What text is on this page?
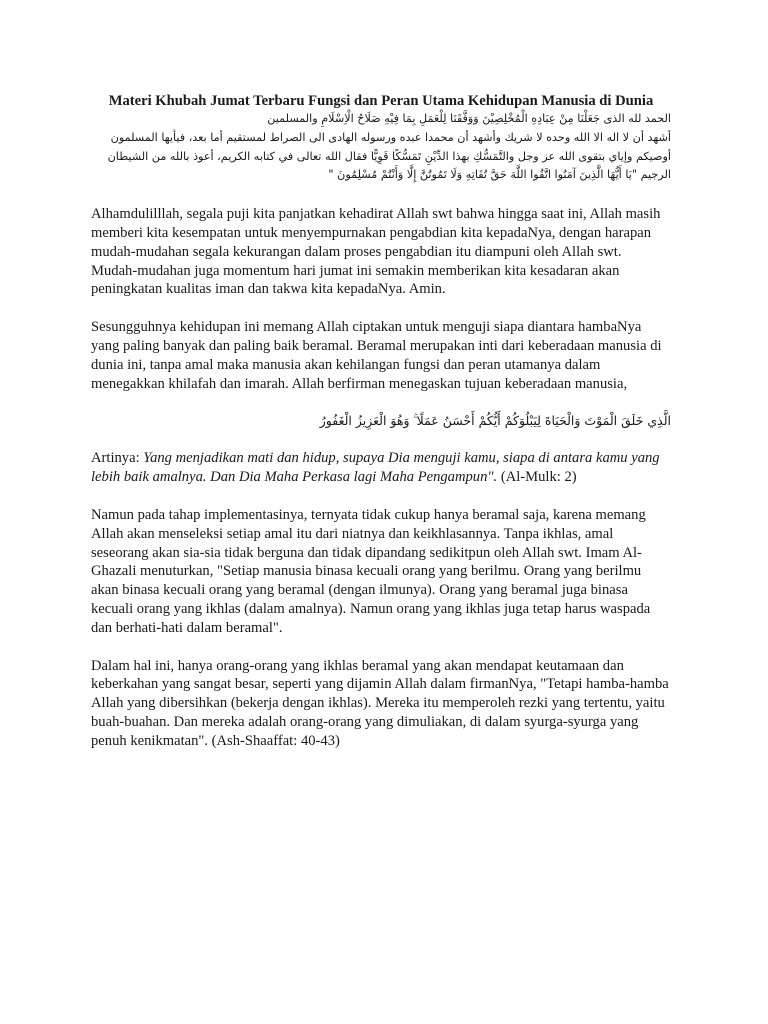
Materi Khubah Jumat Terbaru Fungsi dan Peran Utama Kehidupan Manusia di Dunia
الحمد لله الذى جَعَلْنَا مِنْ عِبَادِهِ الْمُخْلِصِيْنَ وَوَفَّقَنَا لِلْعَمَلِ بِمَا فِيْهِ صَلَاحُ الْاِسْلَامِ والمسلمين
أشهد أن لا اله الا الله وحده لا شريك وأشهد أن محمدا عبده ورسوله الهادى الى الصراط لمستقيم أما بعد، فيأيها المسلمون
أوصيكم وإياي بتقوى الله عز وجل والتَّمَسُّكِ بهذا الدِّيْنِ تَمَسُّكًا قَوِيًّا فقال الله تعالى في كتابه الكريم، أعوذ بالله من الشيطان
الرجيم "يَا أَيُّهَا الَّذِينَ آمَنُوا اتَّقُوا اللَّهَ حَقَّ تُقَاتِهِ وَلَا تَمُوتُنَّ إِلَّا وَأَنْتُمْ مُسْلِمُونَ "

Alhamdulilllah, segala puji kita panjatkan kehadirat Allah swt bahwa hingga saat ini, Allah masih memberi kita kesempatan untuk menyempurnakan pengabdian kita kepadaNya, dengan harapan mudah-mudahan segala kekurangan dalam proses pengabdian itu diampuni oleh Allah swt. Mudah-mudahan juga momentum hari jumat ini semakin memberikan kita kesadaran akan peningkatan kualitas iman dan takwa kita kepadaNya. Amin.

Sesungguhnya kehidupan ini memang Allah ciptakan untuk menguji siapa diantara hambaNya yang paling banyak dan paling baik beramal. Beramal merupakan inti dari keberadaan manusia di dunia ini, tanpa amal maka manusia akan kehilangan fungsi dan peran utamanya dalam menegakkan khilafah dan imarah. Allah berfirman menegaskan tujuan keberadaan manusia,

الَّذِي خَلَقَ الْمَوْتَ وَالْحَيَاةَ لِيَبْلُوَكُمْ أَيُّكُمْ أَحْسَنُ عَمَلًا ۚ وَهُوَ الْعَزِيزُ الْغَفُورُ

Artinya: Yang menjadikan mati dan hidup, supaya Dia menguji kamu, siapa di antara kamu yang lebih baik amalnya. Dan Dia Maha Perkasa lagi Maha Pengampun". (Al-Mulk: 2)

Namun pada tahap implementasinya, ternyata tidak cukup hanya beramal saja, karena memang Allah akan menseleksi setiap amal itu dari niatnya dan keikhlasannya. Tanpa ikhlas, amal seseorang akan sia-sia tidak berguna dan tidak dipandang sedikitpun oleh Allah swt. Imam Al-Ghazali menuturkan, "Setiap manusia binasa kecuali orang yang berilmu. Orang yang berilmu akan binasa kecuali orang yang beramal (dengan ilmunya). Orang yang beramal juga binasa kecuali orang yang ikhlas (dalam amalnya). Namun orang yang ikhlas juga tetap harus waspada dan berhati-hati dalam beramal".

Dalam hal ini, hanya orang-orang yang ikhlas beramal yang akan mendapat keutamaan dan keberkahan yang sangat besar, seperti yang dijamin Allah dalam firmanNya, "Tetapi hamba-hamba Allah yang dibersihkan (bekerja dengan ikhlas). Mereka itu memperoleh rezki yang tertentu, yaitu buah-buahan. Dan mereka adalah orang-orang yang dimuliakan, di dalam syurga-syurga yang penuh kenikmatan". (Ash-Shaaffat: 40-43)
